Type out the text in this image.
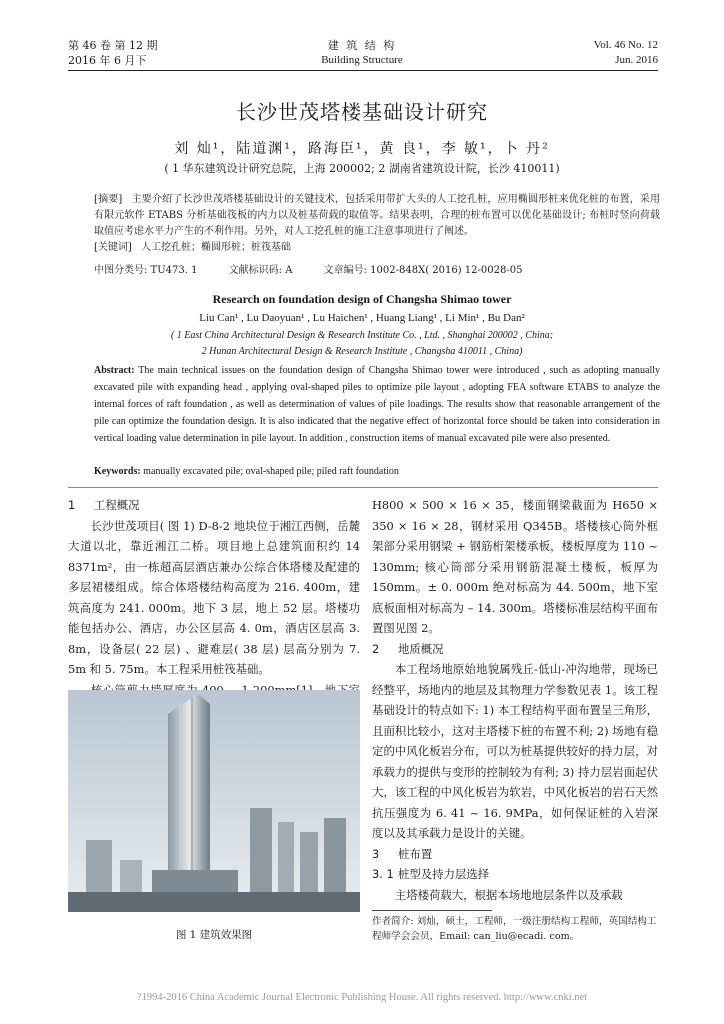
第 46 卷 第 12 期
2016 年 6 月下
建 筑 结 构
Building Structure
Vol. 46 No. 12
Jun. 2016
长沙世茂塔楼基础设计研究
刘 灿¹，陆道渊¹，路海臣¹，黄 良¹，李 敏¹，卜 丹²
( 1 华东建筑设计研究总院，上海 200002; 2 湖南省建筑设计院，长沙 410011)
[摘要] 主要介绍了长沙世茂塔楼基础设计的关键技术，包括采用带扩大头的人工挖孔桩，应用椭圆形桩来优化桩的布置，采用有限元软件 ETABS 分析基础筏板的内力以及桩基荷载的取值等。结果表明，合理的桩布置可以优化基础设计; 布桩时竖向荷载取值应考虑水平力产生的不利作用。另外，对人工挖孔桩的施工注意事项进行了阐述。
[关键词] 人工挖孔桩；椭圆形桩；桩筏基础
中图分类号: TU473. 1	文献标识码: A	文章编号: 1002-848X( 2016) 12-0028-05
Research on foundation design of Changsha Shimao tower
Liu Can¹ , Lu Daoyuan¹ , Lu Haichen¹ , Huang Liang¹ , Li Min¹ , Bu Dan²
( 1 East China Architectural Design & Research Institute Co. , Ltd. , Shanghai 200002 , China;
2 Hunan Architectural Design & Research Institute , Changsha 410011 , China)
Abstract: The main technical issues on the foundation design of Changsha Shimao tower were introduced , such as adopting manually excavated pile with expanding head , applying oval-shaped piles to optimize pile layout , adopting FEA software ETABS to analyze the internal forces of raft foundation , as well as determination of values of pile loadings. The results show that reasonable arrangement of the pile can optimize the foundation design. It is also indicated that the negative effect of horizontal force should be taken into consideration in vertical loading value determination in pile layout. In addition , construction items of manual excavated pile were also presented.
Keywords: manually excavated pile; oval-shaped pile; piled raft foundation
1 工程概况

长沙世茂项目( 图 1) D-8-2 地块位于湘江西侧，岳麓大道以北，靠近湘江二桥。项目地上总建筑面积约 14 8371m²，由一栋超高层酒店兼办公综合体塔楼及配建的多层裙楼组成。综合体塔楼结构高度为 216. 400m，建筑高度为 241. 000m。地下 3 层，地上 52 层。塔楼功能包括办公、酒店，办公区层高 4. 0m，酒店区层高 3. 8m，设备层( 22 层) 、避难层( 38 层) 层高分别为 7. 5m 和 5. 75m。本工程采用桩筏基础。

图 1 建筑效果图

H800 × 500 × 16 × 35，楼面钢梁截面为 H650 × 350 × 16 × 28，钢材采用 Q345B。塔楼核心筒外框架部分采用钢梁 + 钢筋桁架楼承板，楼板厚度为 110 ~ 130mm; 核心筒部分采用钢筋混凝土楼板，板厚为 150mm。± 0. 000m 绝对标高为 44. 500m，地下室底板面相对标高为 – 14. 300m。塔楼标准层结构平面布置图见图 2。

2 地质概况

本工程场地原始地貌属残丘-低山-冲沟地带，现场已经整平，场地内的地层及其物理力学参数见表 1。该工程基础设计的特点如下: 1) 本工程结构平面布置呈三角形，且面积比较小，这对主塔楼下桩的布置不利; 2) 场地有稳定的中风化板岩分布，可以为桩基提供较好的持力层，对承载力的提供与变形的控制较为有利; 3) 持力层岩面起伏大，该工程的中风化板岩为软岩，中风化板岩的岩石天然抗压强度为 6. 41 ~ 16. 9MPa，如何保证桩的入岩深度以及其承载力是设计的关键。

3 桩布置
3. 1 桩型及持力层选择

主塔楼荷载大，根据本场地地层条件以及承载

作者简介: 刘灿，硕士，工程师，一级注册结构工程师，英国结构工程师学会会员，Email: can_liu@ecadi. com。
?1994-2016 China Academic Journal Electronic Publishing House. All rights reserved. http://www.cnki.net
